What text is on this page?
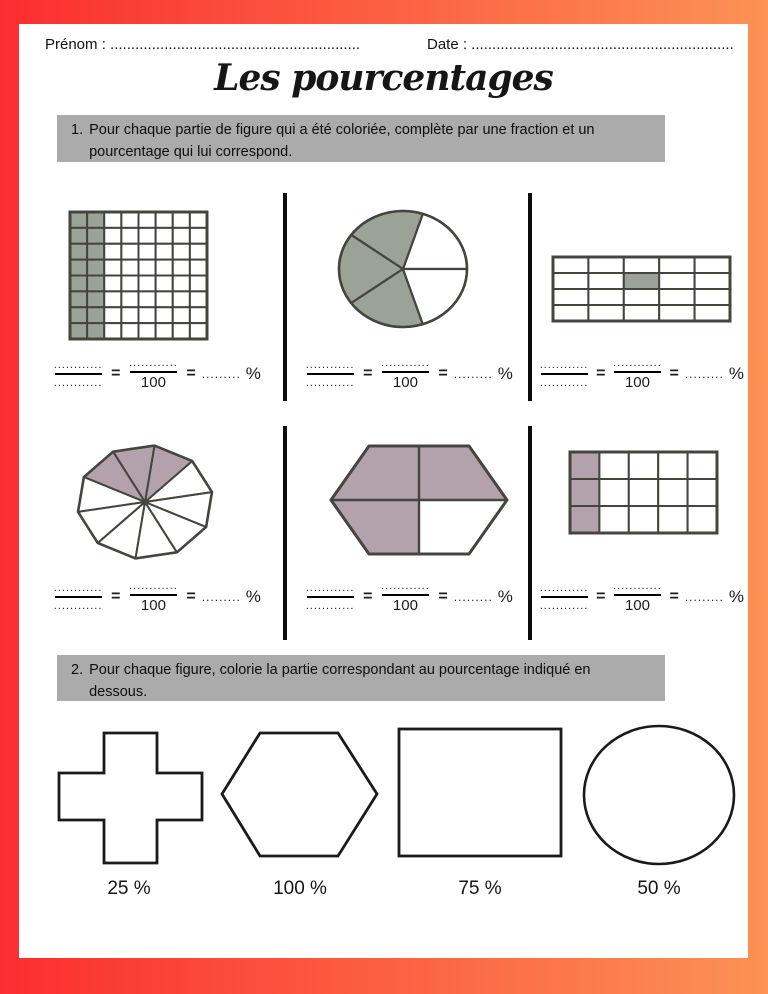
Prénom : ............................................................	Date : ...............................................................
Les pourcentages
1. Pour chaque partie de figure qui a été coloriée, complète par une fraction et un
pourcentage qui lui correspond.
$\frac{............}{............} = \frac{............}{100}$ = ......... %	$\frac{............}{............} = \frac{............}{100}$ = ......... % $\frac{............}{............} = \frac{............}{100}$ = ......... %
$\frac{............}{............} = \frac{............}{100}$ = ......... %	$\frac{............}{............} = \frac{............}{100}$ = ......... % $\frac{............}{............} = \frac{............}{100}$ = ......... %
2. Pour chaque figure, colorie la partie correspondant au pourcentage indiqué en
dessous.
25 %	100 %	75 %	50 %
